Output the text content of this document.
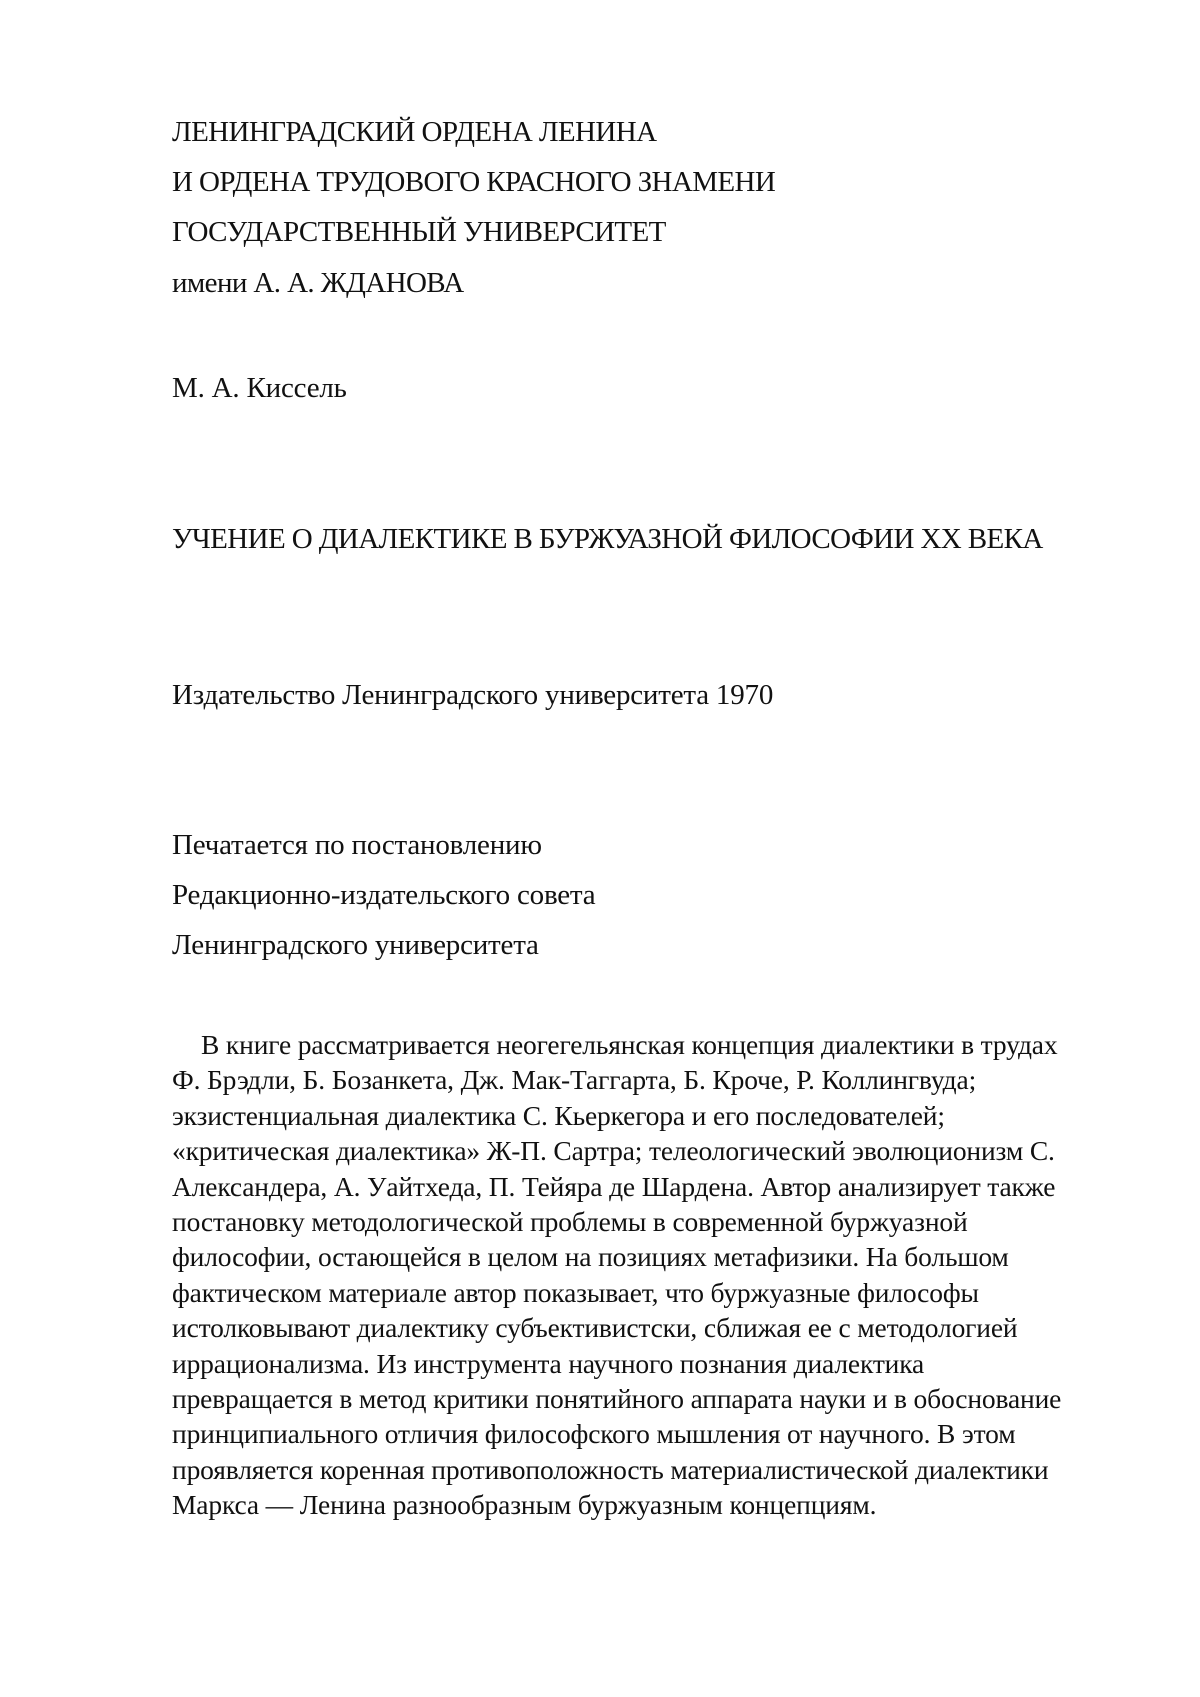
ЛЕНИНГРАДСКИЙ ОРДЕНА ЛЕНИНА
И ОРДЕНА ТРУДОВОГО КРАСНОГО ЗНАМЕНИ
ГОСУДАРСТВЕННЫЙ УНИВЕРСИТЕТ
имени А. А. ЖДАНОВА
М. А. Киссель
УЧЕНИЕ О ДИАЛЕКТИКЕ В БУРЖУАЗНОЙ ФИЛОСОФИИ XX ВЕКА
Издательство Ленинградского университета 1970
Печатается по постановлению
Редакционно-издательского совета
Ленинградского университета
В книге рассматривается неогегельянская концепция диалектики в трудах
Ф. Брэдли, Б. Бозанкета, Дж. Мак-Таггарта, Б. Кроче, Р. Коллингвуда;
экзистенциальная диалектика С. Кьеркегора и его последователей;
«критическая диалектика» Ж-П. Сартра; телеологический эволюционизм С.
Александера, А. Уайтхеда, П. Тейяра де Шардена. Автор анализирует также
постановку методологической проблемы в современной буржуазной
философии, остающейся в целом на позициях метафизики. На большом
фактическом материале автор показывает, что буржуазные философы
истолковывают диалектику субъективистски, сближая ее с методологией
иррационализма. Из инструмента научного познания диалектика
превращается в метод критики понятийного аппарата науки и в обоснование
принципиального отличия философского мышления от научного. В этом
проявляется коренная противоположность материалистической диалектики
Маркса — Ленина разнообразным буржуазным концепциям.
